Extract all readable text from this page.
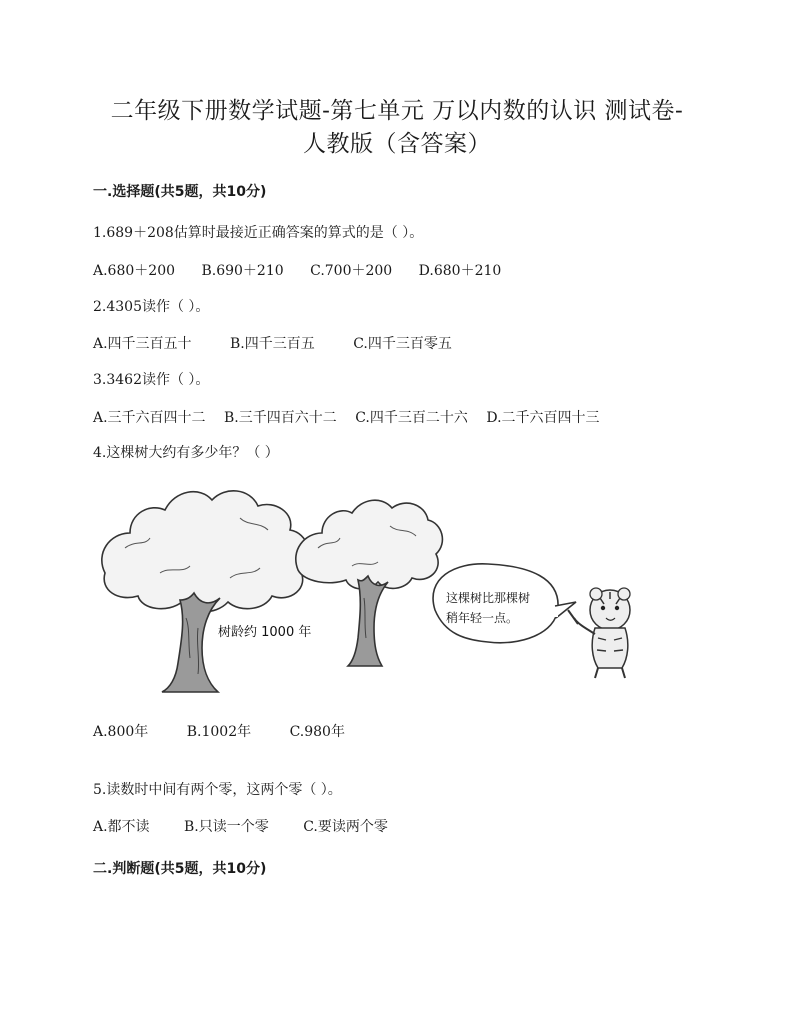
二年级下册数学试题-第七单元 万以内数的认识 测试卷-
人教版（含答案）
一.选择题(共5题，共10分)
1.689＋208估算时最接近正确答案的算式的是（ ）。
A.680＋200 B.690＋210 C.700＋200 D.680＋210
2.4305读作（ ）。
A.四千三百五十	B.四千三百五	C.四千三百零五
3.3462读作（ ）。
A.三千六百四十二 B.三千四百六十二 C.四千三百二十六 D.二千六百四十三
4.这棵树大约有多少年？（ ）
树龄约 1000 年
这棵树比那棵树
稍年轻一点。
A.800年	B.1002年	C.980年
5.读数时中间有两个零，这两个零（ ）。
A.都不读 B.只读一个零 C.要读两个零
二.判断题(共5题，共10分)
